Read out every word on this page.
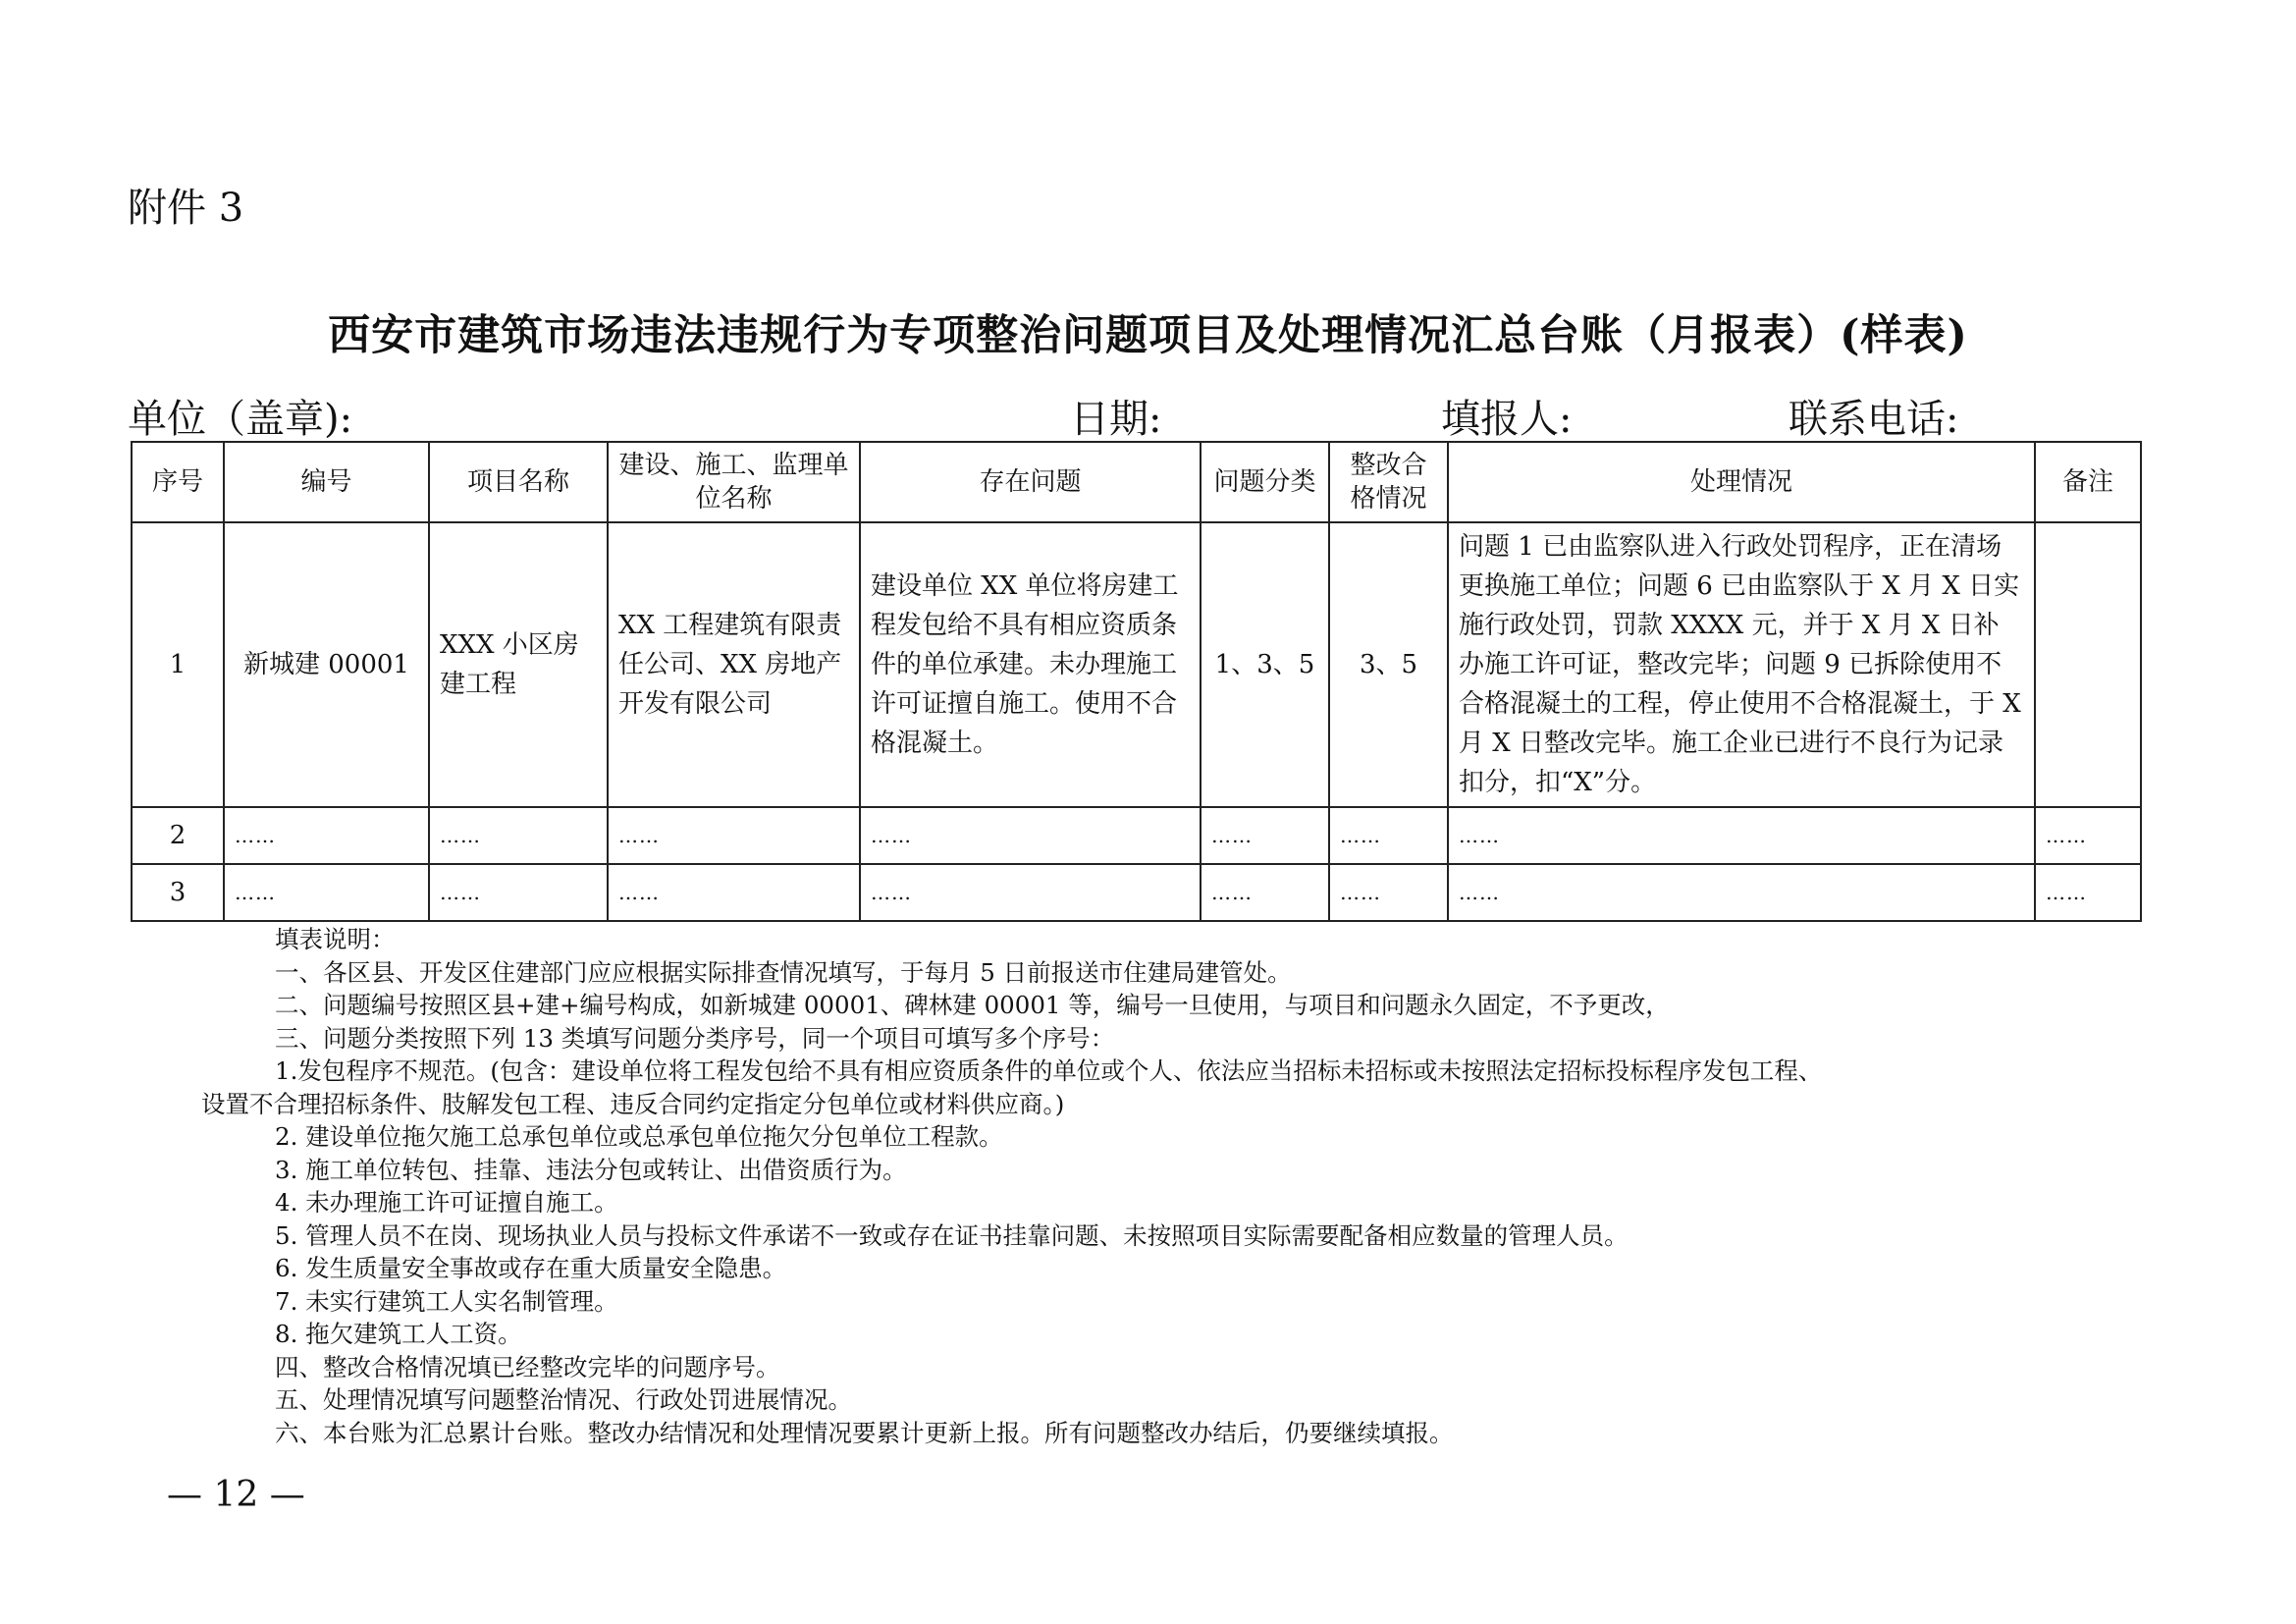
附件 3
西安市建筑市场违法违规行为专项整治问题项目及处理情况汇总台账（月报表）(样表)
单位（盖章):	日期:	填报人:	联系电话:
序号	编号	项目名称	建设、施工、监理单位名称	存在问题	问题分类	整改合格情况	处理情况	备注
1	新城建 00001	XXX 小区房建工程	XX 工程建筑有限责任公司、XX 房地产开发有限公司	建设单位 XX 单位将房建工程发包给不具有相应资质条件的单位承建。未办理施工许可证擅自施工。使用不合格混凝土。	1、3、5	3、5	问题 1 已由监察队进入行政处罚程序，正在清场更换施工单位；问题 6 已由监察队于 X 月 X 日实施行政处罚，罚款 XXXX 元，并于 X 月 X 日补办施工许可证，整改完毕；问题 9 已拆除使用不合格混凝土的工程，停止使用不合格混凝土，于 X 月 X 日整改完毕。施工企业已进行不良行为记录扣分，扣“X”分。	
2	……	……	……	……	……	……	……	……
3	……	……	……	……	……	……	……	……
填表说明：
一、各区县、开发区住建部门应应根据实际排查情况填写，于每月 5 日前报送市住建局建管处。
二、问题编号按照区县+建+编号构成，如新城建 00001、碑林建 00001 等，编号一旦使用，与项目和问题永久固定，不予更改，
三、问题分类按照下列 13 类填写问题分类序号，同一个项目可填写多个序号：
1.发包程序不规范。(包含：建设单位将工程发包给不具有相应资质条件的单位或个人、依法应当招标未招标或未按照法定招标投标程序发包工程、
设置不合理招标条件、肢解发包工程、违反合同约定指定分包单位或材料供应商。)
2. 建设单位拖欠施工总承包单位或总承包单位拖欠分包单位工程款。
3. 施工单位转包、挂靠、违法分包或转让、出借资质行为。
4. 未办理施工许可证擅自施工。
5. 管理人员不在岗、现场执业人员与投标文件承诺不一致或存在证书挂靠问题、未按照项目实际需要配备相应数量的管理人员。
6. 发生质量安全事故或存在重大质量安全隐患。
7. 未实行建筑工人实名制管理。
8. 拖欠建筑工人工资。
四、整改合格情况填已经整改完毕的问题序号。
五、处理情况填写问题整治情况、行政处罚进展情况。
六、本台账为汇总累计台账。整改办结情况和处理情况要累计更新上报。所有问题整改办结后，仍要继续填报。
— 12 —
